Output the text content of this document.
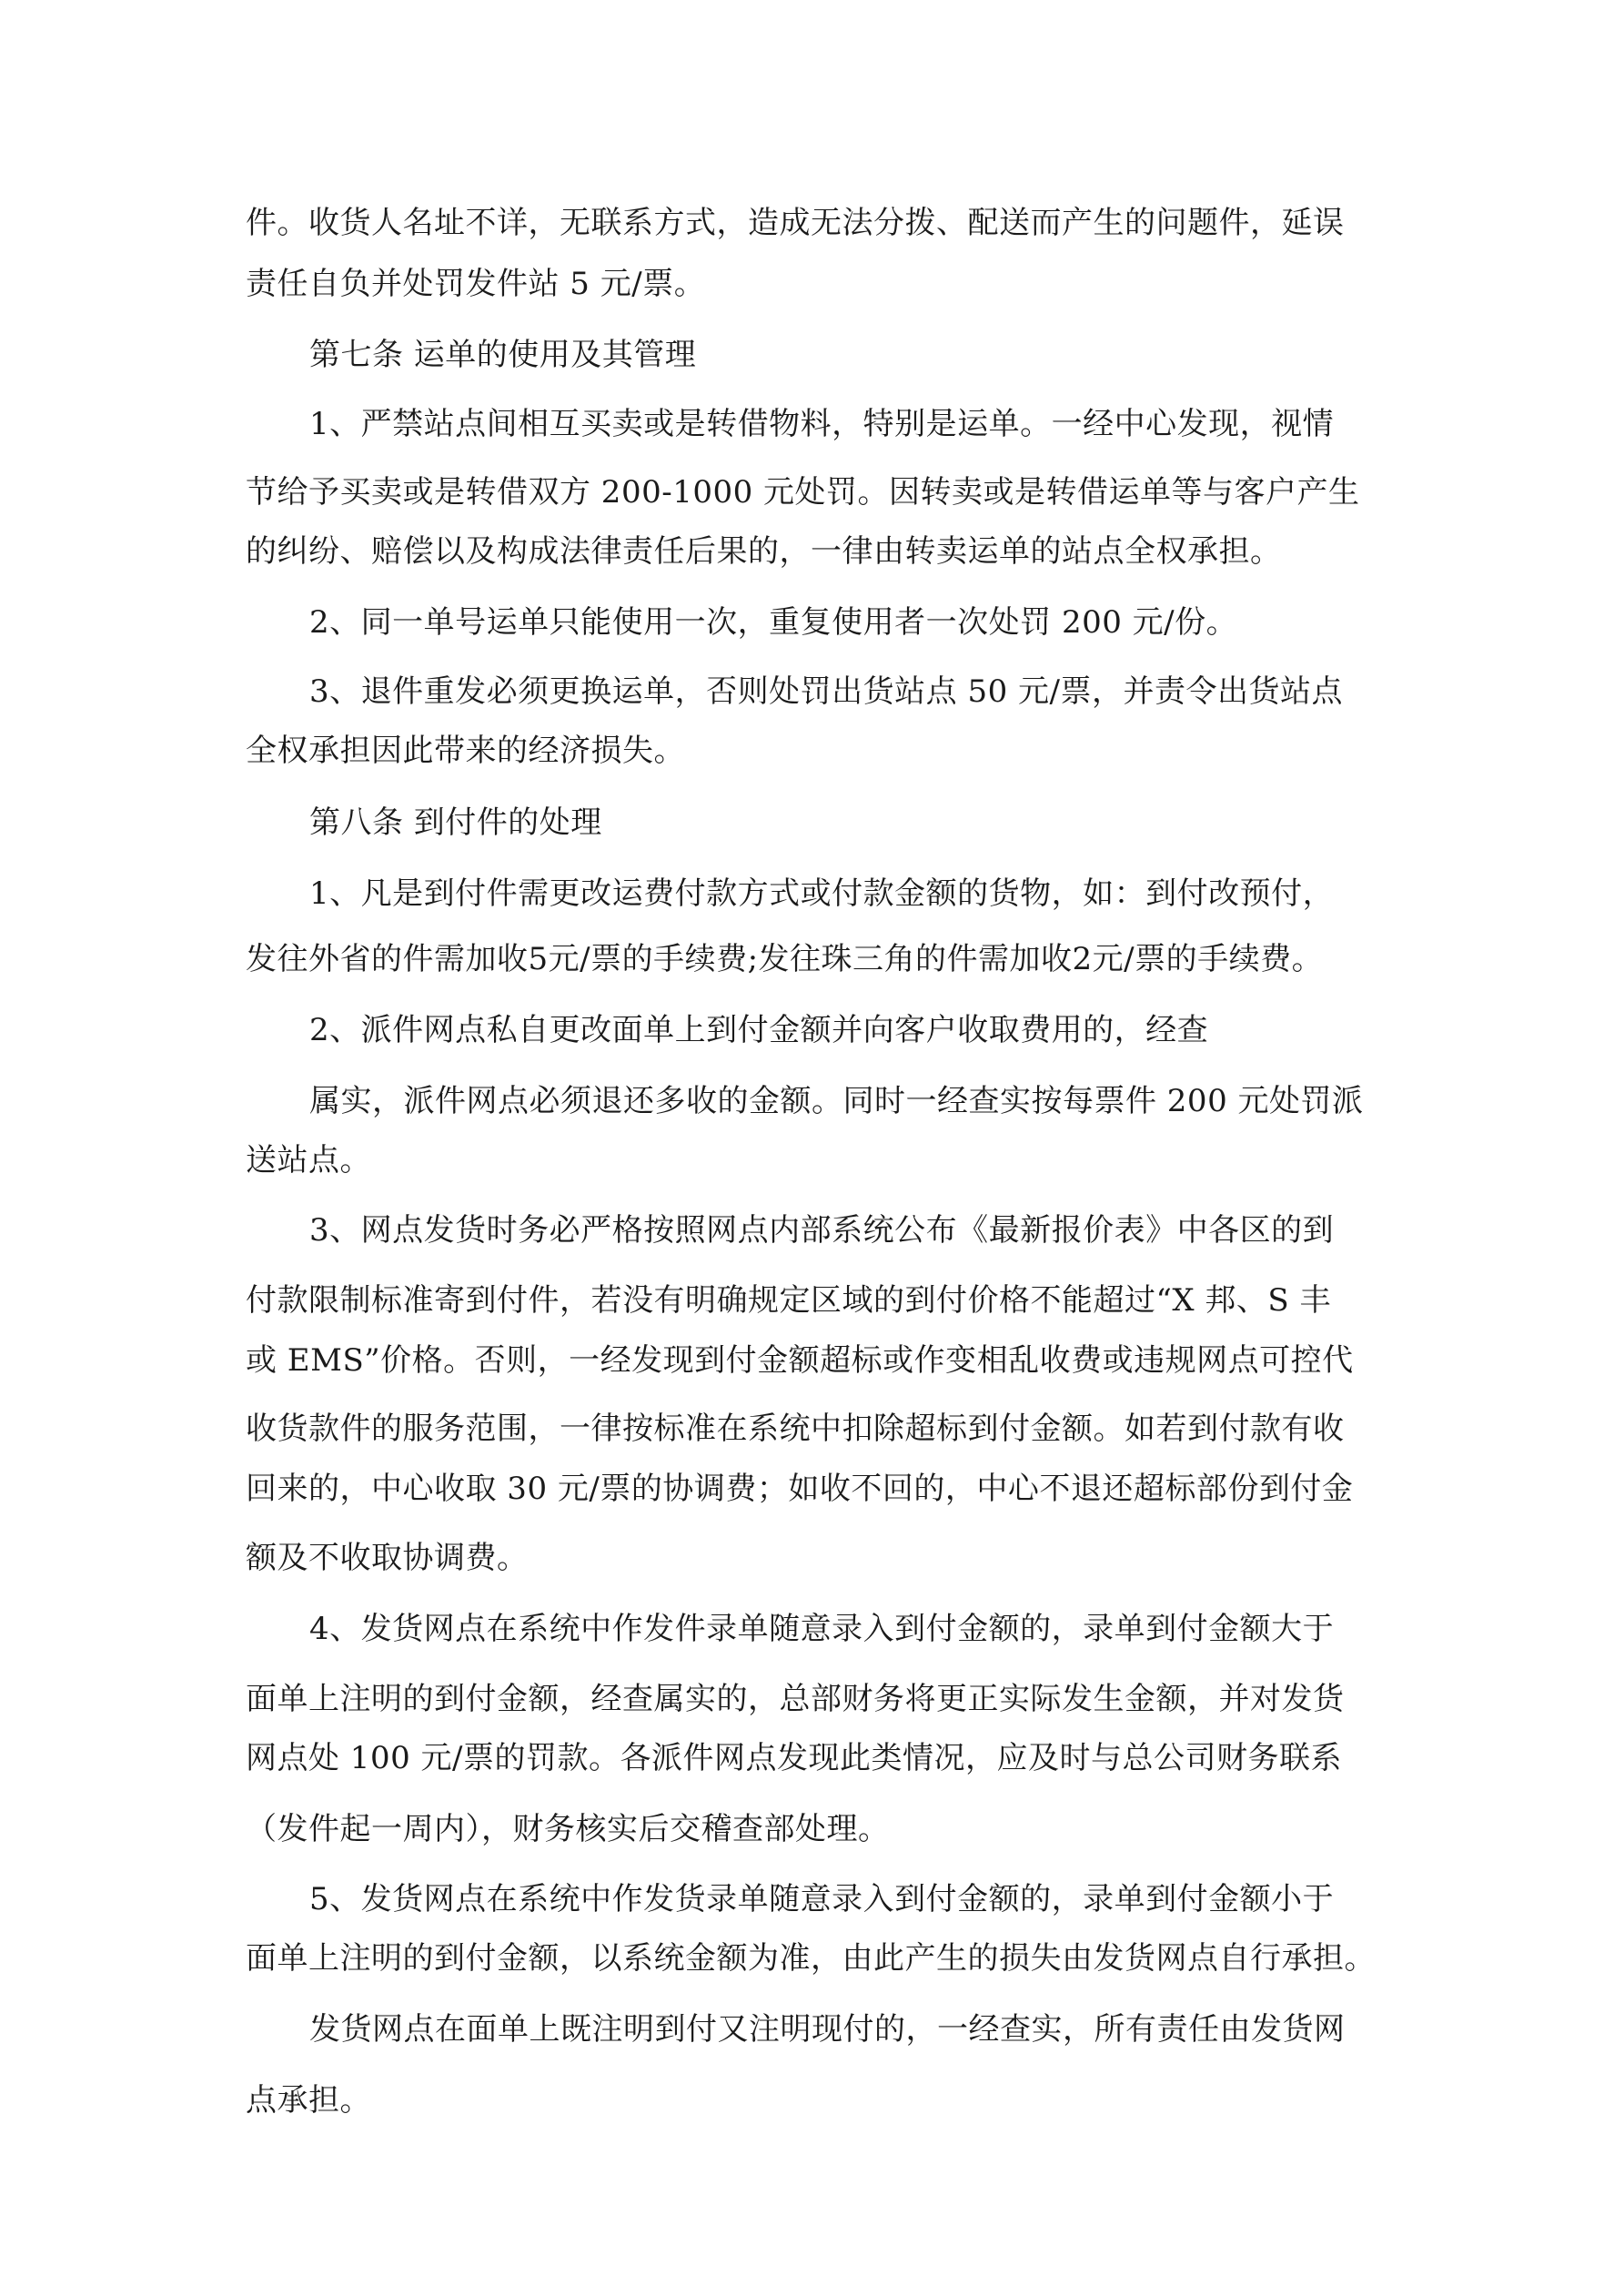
件。收货人名址不详，无联系方式，造成无法分拨、配送而产生的问题件，延误
责任自负并处罚发件站 5 元/票。
第七条 运单的使用及其管理
1、严禁站点间相互买卖或是转借物料，特别是运单。一经中心发现，视情
节给予买卖或是转借双方 200-1000 元处罚。因转卖或是转借运单等与客户产生
的纠纷、赔偿以及构成法律责任后果的，一律由转卖运单的站点全权承担。
2、同一单号运单只能使用一次，重复使用者一次处罚 200 元/份。
3、退件重发必须更换运单，否则处罚出货站点 50 元/票，并责令出货站点
全权承担因此带来的经济损失。
第八条 到付件的处理
1、凡是到付件需更改运费付款方式或付款金额的货物，如：到付改预付，
发往外省的件需加收5元/票的手续费;发往珠三角的件需加收2元/票的手续费。
2、派件网点私自更改面单上到付金额并向客户收取费用的，经查
属实，派件网点必须退还多收的金额。同时一经查实按每票件 200 元处罚派
送站点。
3、网点发货时务必严格按照网点内部系统公布《最新报价表》中各区的到
付款限制标准寄到付件，若没有明确规定区域的到付价格不能超过“X 邦、S 丰
或 EMS”价格。否则，一经发现到付金额超标或作变相乱收费或违规网点可控代
收货款件的服务范围，一律按标准在系统中扣除超标到付金额。如若到付款有收
回来的，中心收取 30 元/票的协调费；如收不回的，中心不退还超标部份到付金
额及不收取协调费。
4、发货网点在系统中作发件录单随意录入到付金额的，录单到付金额大于
面单上注明的到付金额，经查属实的，总部财务将更正实际发生金额，并对发货
网点处 100 元/票的罚款。各派件网点发现此类情况，应及时与总公司财务联系
（发件起一周内），财务核实后交稽查部处理。
5、发货网点在系统中作发货录单随意录入到付金额的，录单到付金额小于
面单上注明的到付金额，以系统金额为准，由此产生的损失由发货网点自行承担。
发货网点在面单上既注明到付又注明现付的，一经查实，所有责任由发货网
点承担。
